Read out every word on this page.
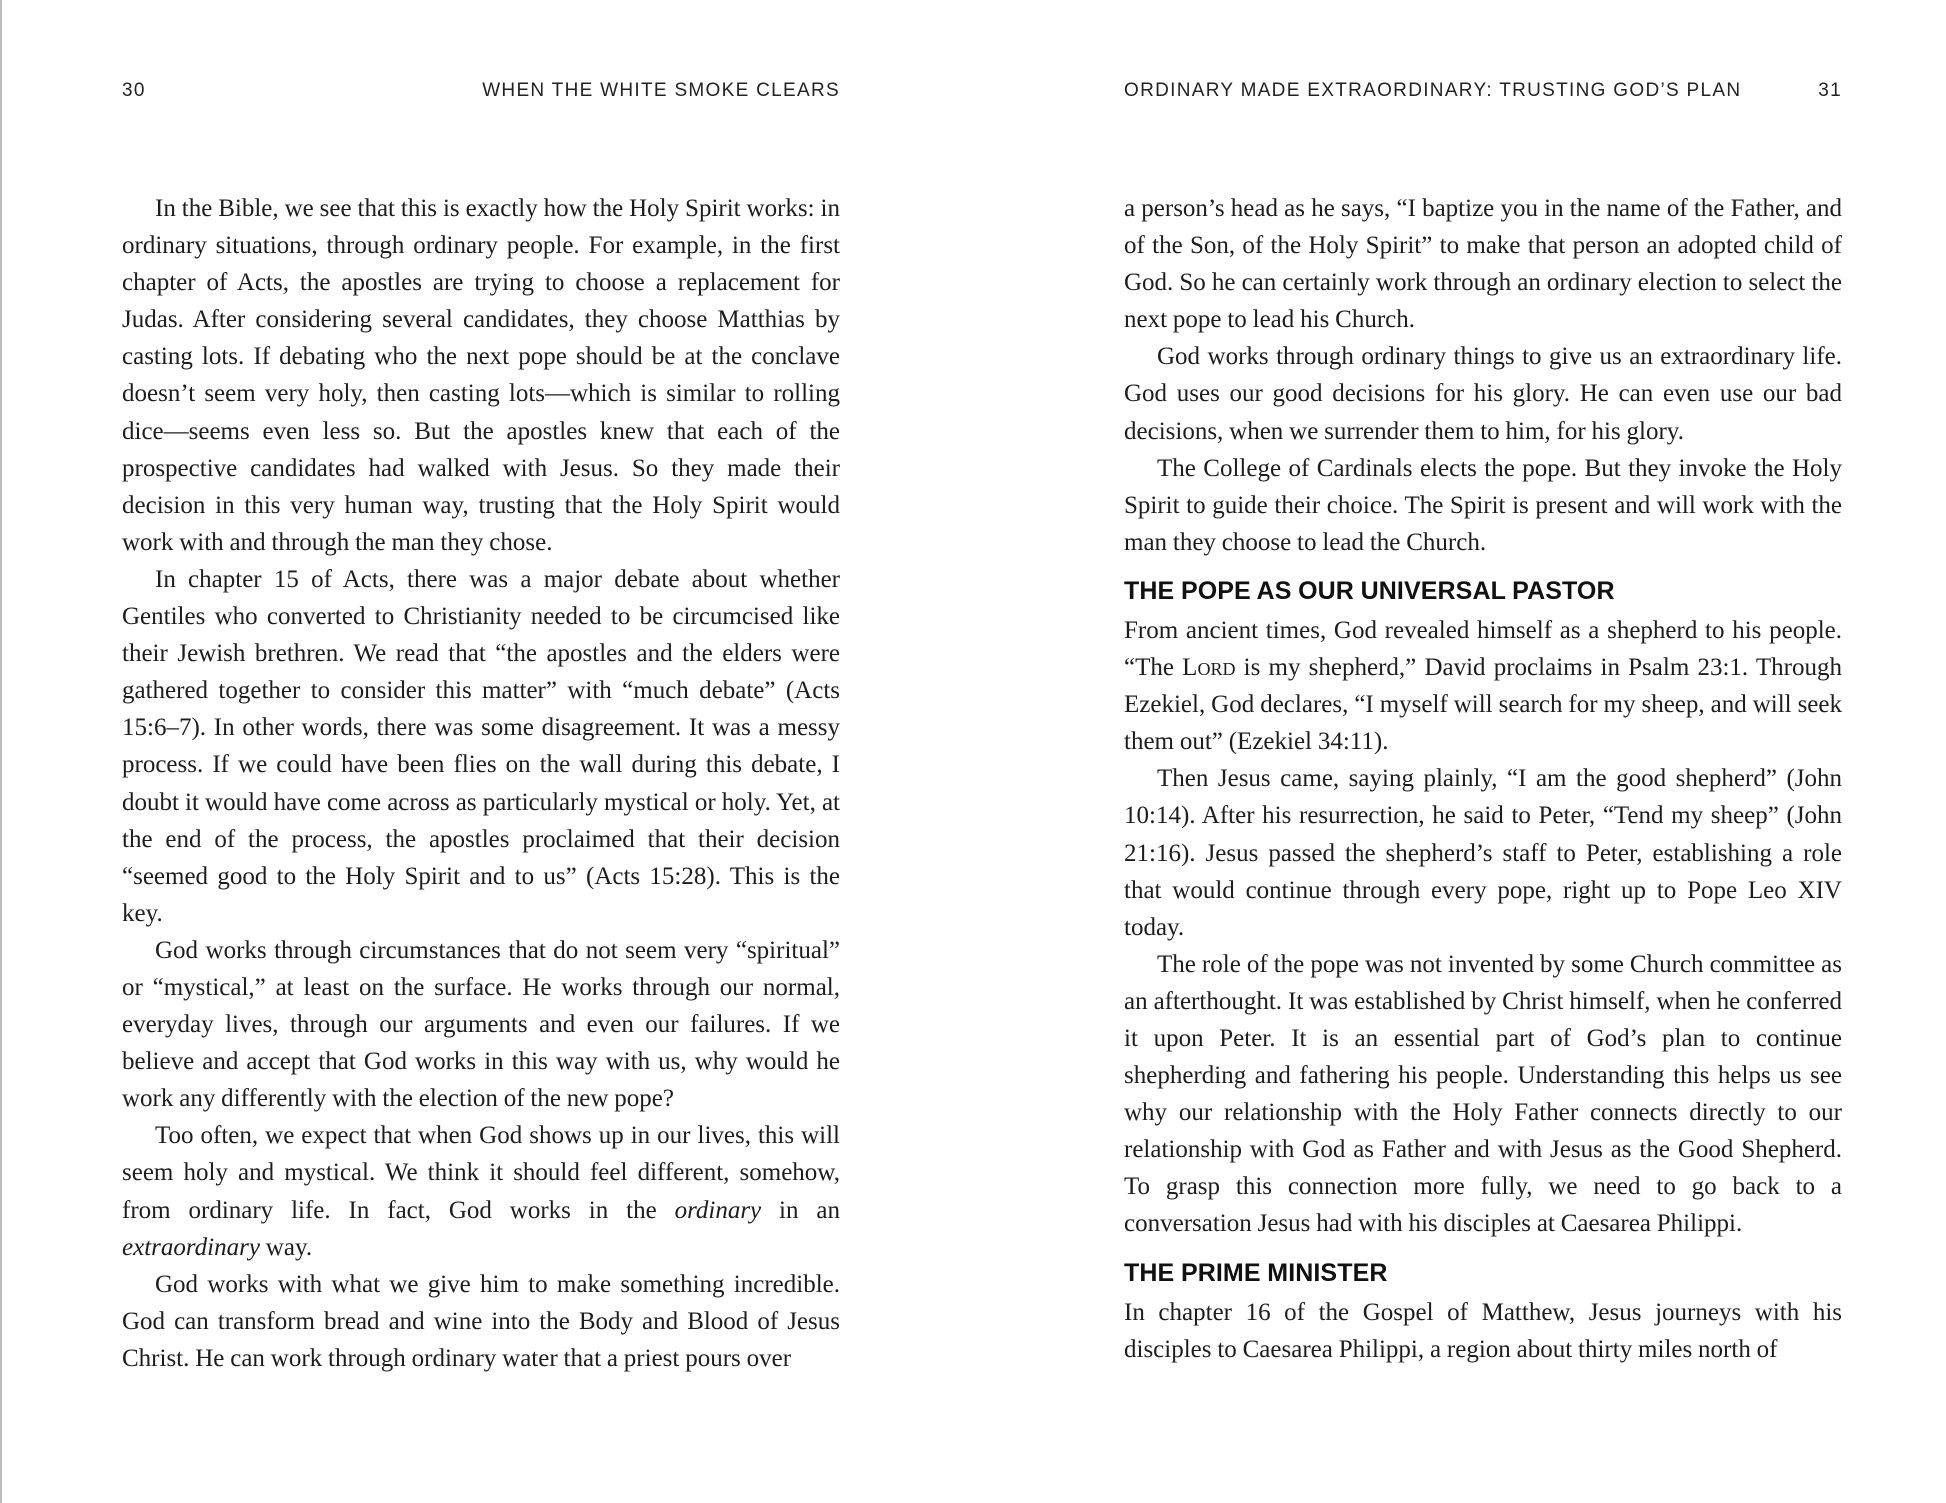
30	WHEN THE WHITE SMOKE CLEARS

In the Bible, we see that this is exactly how the Holy Spirit works: in ordinary situations, through ordinary people. For example, in the first chapter of Acts, the apostles are trying to choose a replacement for Judas. After considering several candidates, they choose Matthias by casting lots. If debating who the next pope should be at the conclave doesn’t seem very holy, then casting lots—which is similar to rolling dice—seems even less so. But the apostles knew that each of the prospective candidates had walked with Jesus. So they made their decision in this very human way, trusting that the Holy Spirit would work with and through the man they chose.

In chapter 15 of Acts, there was a major debate about whether Gentiles who converted to Christianity needed to be circumcised like their Jewish brethren. We read that “the apostles and the elders were gathered together to consider this matter” with “much debate” (Acts 15:6–7). In other words, there was some disagreement. It was a messy process. If we could have been flies on the wall during this debate, I doubt it would have come across as particularly mystical or holy. Yet, at the end of the process, the apostles proclaimed that their decision “seemed good to the Holy Spirit and to us” (Acts 15:28). This is the key.

God works through circumstances that do not seem very “spiritual” or “mystical,” at least on the surface. He works through our normal, everyday lives, through our arguments and even our failures. If we believe and accept that God works in this way with us, why would he work any differently with the election of the new pope?

Too often, we expect that when God shows up in our lives, this will seem holy and mystical. We think it should feel different, somehow, from ordinary life. In fact, God works in the ordinary in an extraordinary way.

God works with what we give him to make something incredible. God can transform bread and wine into the Body and Blood of Jesus Christ. He can work through ordinary water that a priest pours over

ORDINARY MADE EXTRAORDINARY: TRUSTING GOD’S PLAN	31

a person’s head as he says, “I baptize you in the name of the Father, and of the Son, of the Holy Spirit” to make that person an adopted child of God. So he can certainly work through an ordinary election to select the next pope to lead his Church.

God works through ordinary things to give us an extraordinary life. God uses our good decisions for his glory. He can even use our bad decisions, when we surrender them to him, for his glory.

The College of Cardinals elects the pope. But they invoke the Holy Spirit to guide their choice. The Spirit is present and will work with the man they choose to lead the Church.

THE POPE AS OUR UNIVERSAL PASTOR

From ancient times, God revealed himself as a shepherd to his people. “The Lord is my shepherd,” David proclaims in Psalm 23:1. Through Ezekiel, God declares, “I myself will search for my sheep, and will seek them out” (Ezekiel 34:11).

Then Jesus came, saying plainly, “I am the good shepherd” (John 10:14). After his resurrection, he said to Peter, “Tend my sheep” (John 21:16). Jesus passed the shepherd’s staff to Peter, establishing a role that would continue through every pope, right up to Pope Leo XIV today.

The role of the pope was not invented by some Church committee as an afterthought. It was established by Christ himself, when he conferred it upon Peter. It is an essential part of God’s plan to continue shepherding and fathering his people. Understanding this helps us see why our relationship with the Holy Father connects directly to our relationship with God as Father and with Jesus as the Good Shepherd. To grasp this connection more fully, we need to go back to a conversation Jesus had with his disciples at Caesarea Philippi.

THE PRIME MINISTER

In chapter 16 of the Gospel of Matthew, Jesus journeys with his disciples to Caesarea Philippi, a region about thirty miles north of
